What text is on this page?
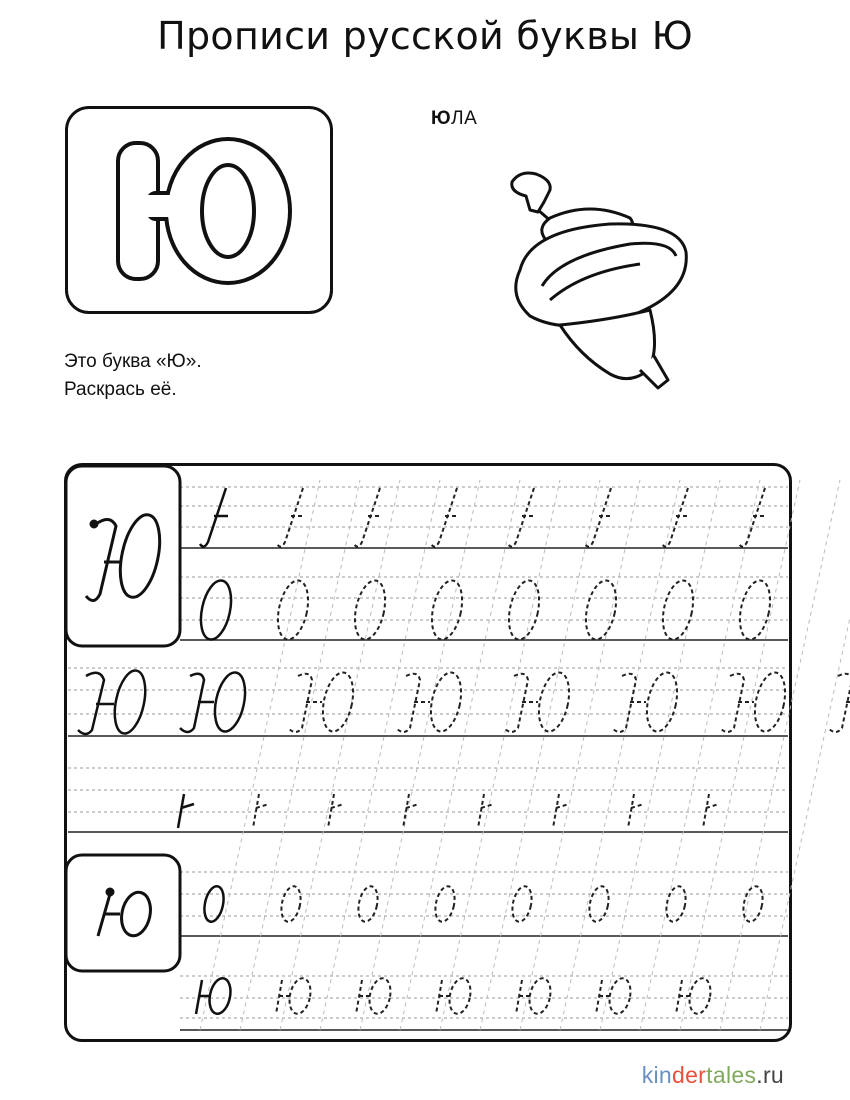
Прописи русской буквы Ю
ЮЛА
Это буква «Ю».
Раскрась её.
kindertales.ru
